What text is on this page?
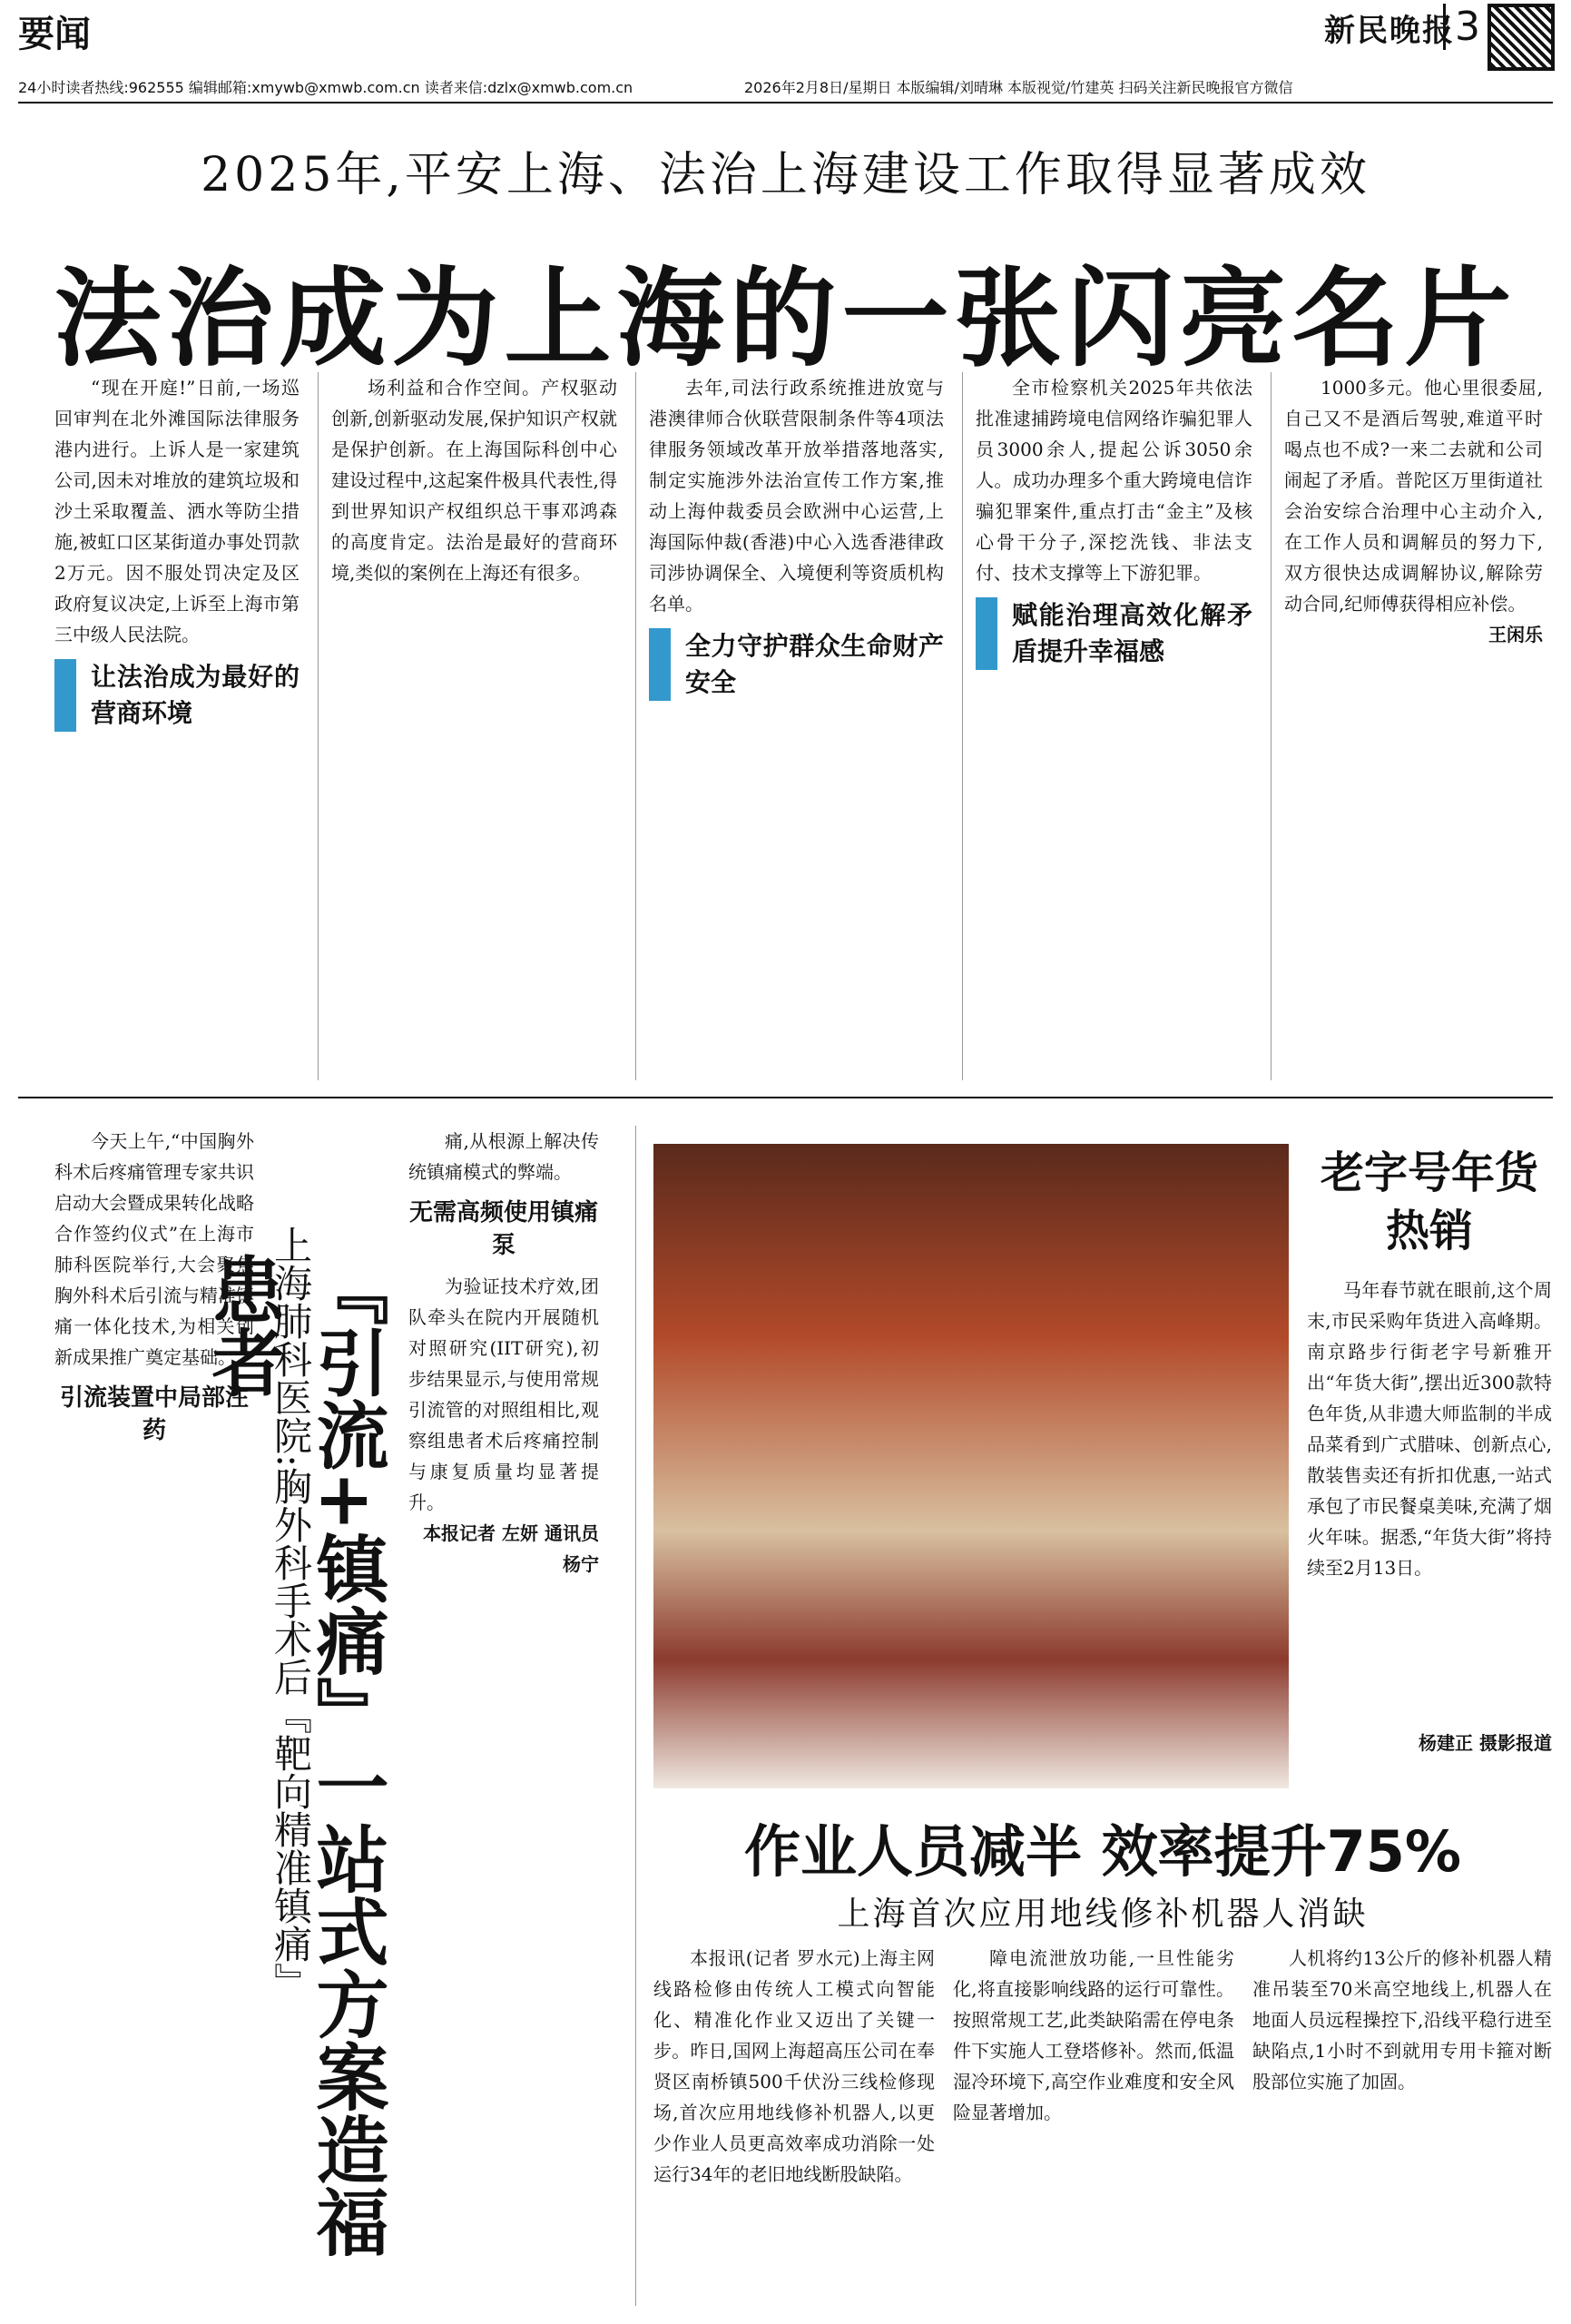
要闻	新民晚报 3
24小时读者热线:962555 编辑邮箱:xmywb@xmwb.com.cn 读者来信:dzlx@xmwb.com.cn	2026年2月8日/星期日 本版编辑/刘晴琳 本版视觉/竹建英 扫码关注新民晚报官方微信
2025年,平安上海、法治上海建设工作取得显著成效
法治成为上海的一张闪亮名片

“现在开庭!”日前,一场巡回审判在北外滩国际法律服务港内进行。上诉人是一家建筑公司,因未对堆放的建筑垃圾和沙土采取覆盖、洒水等防尘措施,被虹口区某街道办事处罚款2万元。因不服处罚决定及区政府复议决定,上诉至上海市第三中级人民法院。

让法治成为最好的营商环境

场利益和合作空间。产权驱动创新,创新驱动发展,保护知识产权就是保护创新。在上海国际科创中心建设过程中,这起案件极具代表性,得到世界知识产权组织总干事邓鸿森的高度肯定。法治是最好的营商环境,类似的案例在上海还有很多。

去年,司法行政系统推进放宽与港澳律师合伙联营限制条件等4项法律服务领域改革开放举措落地落实,制定实施涉外法治宣传工作方案,推动上海仲裁委员会欧洲中心运营,上海国际仲裁(香港)中心入选香港律政司涉协调保全、入境便利等资质机构名单。

全力守护群众生命财产安全

全市检察机关2025年共依法批准逮捕跨境电信网络诈骗犯罪人员3000余人,提起公诉3050余人。成功办理多个重大跨境电信诈骗犯罪案件,重点打击“金主”及核心骨干分子,深挖洗钱、非法支付、技术支撑等上下游犯罪。

赋能治理高效化解矛盾提升幸福感

1000多元。他心里很委屈,自己又不是酒后驾驶,难道平时喝点也不成?一来二去就和公司闹起了矛盾。普陀区万里街道社会治安综合治理中心主动介入,在工作人员和调解员的努力下,双方很快达成调解协议,解除劳动合同,纪师傅获得相应补偿。

王闲乐

今天上午,“中国胸外科术后疼痛管理专家共识启动大会暨成果转化战略合作签约仪式”在上海市肺科医院举行,大会聚焦胸外科术后引流与精准镇痛一体化技术,为相关创新成果推广奠定基础。

引流装置中局部注药	上海肺科医院:胸外科手术后『靶向精准镇痛』
『引流+镇痛』一站式方案造福患者

痛,从根源上解决传统镇痛模式的弊端。

无需高频使用镇痛泵

为验证技术疗效,团队牵头在院内开展随机对照研究(IIT研究),初步结果显示,与使用常规引流管的对照组相比,观察组患者术后疼痛控制与康复质量均显著提升。

本报记者 左妍 通讯员 杨宁
老字号年货热销

马年春节就在眼前,这个周末,市民采购年货进入高峰期。南京路步行街老字号新雅开出“年货大街”,摆出近300款特色年货,从非遗大师监制的半成品菜肴到广式腊味、创新点心,散装售卖还有折扣优惠,一站式承包了市民餐桌美味,充满了烟火年味。据悉,“年货大街”将持续至2月13日。

杨建正 摄影报道
作业人员减半 效率提升75%
上海首次应用地线修补机器人消缺

本报讯(记者 罗水元)上海主网线路检修由传统人工模式向智能化、精准化作业又迈出了关键一步。昨日,国网上海超高压公司在奉贤区南桥镇500千伏汾三线检修现场,首次应用地线修补机器人,以更少作业人员更高效率成功消除一处运行34年的老旧地线断股缺陷。

障电流泄放功能,一旦性能劣化,将直接影响线路的运行可靠性。按照常规工艺,此类缺陷需在停电条件下实施人工登塔修补。然而,低温湿冷环境下,高空作业难度和安全风险显著增加。

人机将约13公斤的修补机器人精准吊装至70米高空地线上,机器人在地面人员远程操控下,沿线平稳行进至缺陷点,1小时不到就用专用卡箍对断股部位实施了加固。
